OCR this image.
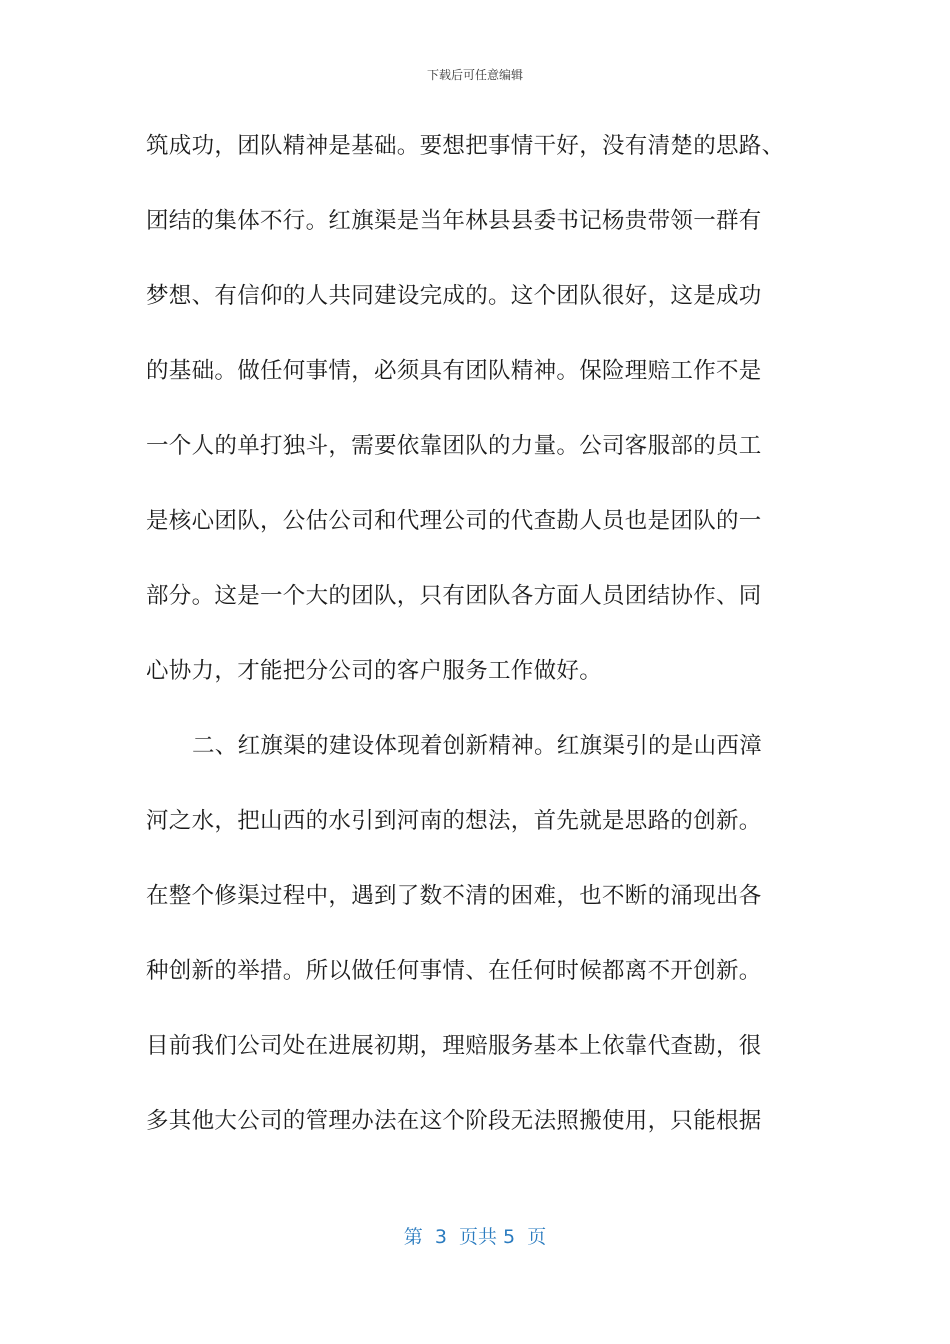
下载后可任意编辑
筑成功，团队精神是基础。要想把事情干好，没有清楚的思路、
团结的集体不行。红旗渠是当年林县县委书记杨贵带领一群有
梦想、有信仰的人共同建设完成的。这个团队很好，这是成功
的基础。做任何事情，必须具有团队精神。保险理赔工作不是
一个人的单打独斗，需要依靠团队的力量。公司客服部的员工
是核心团队，公估公司和代理公司的代查勘人员也是团队的一
部分。这是一个大的团队，只有团队各方面人员团结协作、同
心协力，才能把分公司的客户服务工作做好。
二、红旗渠的建设体现着创新精神。红旗渠引的是山西漳
河之水，把山西的水引到河南的想法，首先就是思路的创新。
在整个修渠过程中，遇到了数不清的困难，也不断的涌现出各
种创新的举措。所以做任何事情、在任何时候都离不开创新。
目前我们公司处在进展初期，理赔服务基本上依靠代查勘，很
多其他大公司的管理办法在这个阶段无法照搬使用，只能根据
第  3  页共 5  页
